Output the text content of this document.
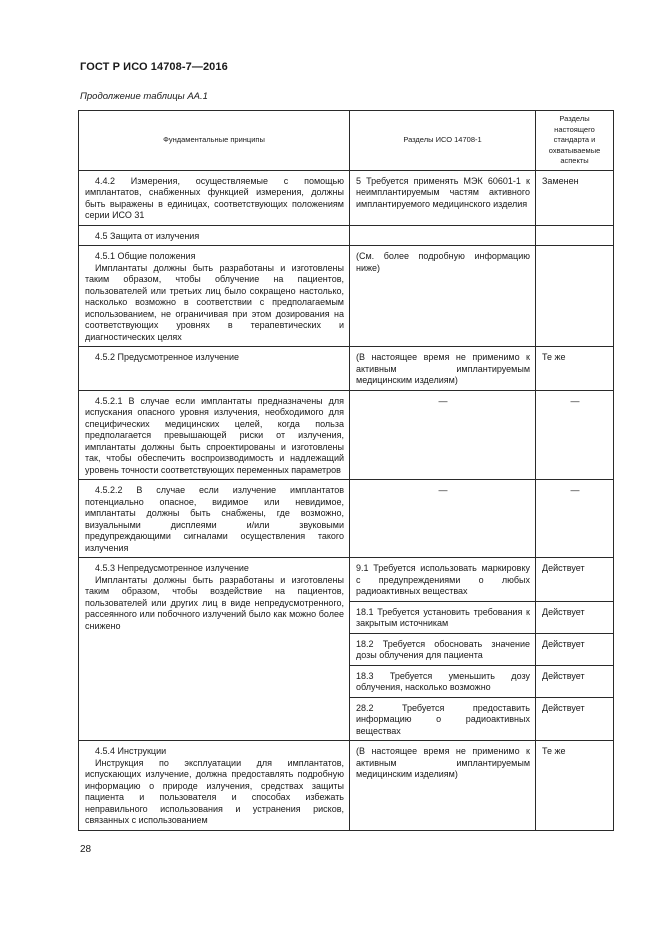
ГОСТ Р ИСО 14708-7—2016
Продолжение таблицы АА.1
Фундаментальные принципы	Разделы ИСО 14708-1	Разделы настоящего стандарта и охватываемые аспекты
4.4.2 Измерения, осуществляемые с помощью имплантатов, снабженных функцией измерения, должны быть выражены в единицах, соответствующих положениям серии ИСО 31	5 Требуется применять МЭК 60601-1 к неимплантируемым частям активного имплантируемого медицинского изделия	Заменен
4.5 Защита от излучения		

4.5.1 Общие положения
Имплантаты должны быть разработаны и изготовлены таким образом, чтобы облучение на пациентов, пользователей или третьих лиц было сокращено настолько, насколько возможно в соответствии с предполагаемым использованием, не ограничивая при этом дозирования на соответствующих уровнях в терапевтических и диагностических целях	(См. более подробную информацию ниже)	
4.5.2 Предусмотренное излучение	(В настоящее время не применимо к активным имплантируемым медицинским изделиям)	Те же
4.5.2.1 В случае если имплантаты предназначены для испускания опасного уровня излучения, необходимого для специфических медицинских целей, когда польза предполагается превышающей риски от излучения, имплантаты должны быть спроектированы и изготовлены так, чтобы обеспечить воспроизводимость и надлежащий уровень точности соответствующих переменных параметров	—	—
4.5.2.2 В случае если излучение имплантатов потенциально опасное, видимое или невидимое, имплантаты должны быть снабжены, где возможно, визуальными дисплеями и/или звуковыми предупреждающими сигналами осуществления такого излучения	—	—

4.5.3 Непредусмотренное излучение
Имплантаты должны быть разработаны и изготовлены таким образом, чтобы воздействие на пациентов, пользователей или других лиц в виде непредусмотренного, рассеянного или побочного излучений было как можно более снижено	9.1 Требуется использовать маркировку с предупреждениями о любых радиоактивных веществах	Действует
	18.1 Требуется установить требования к закрытым источникам	Действует
	18.2 Требуется обосновать значение дозы облучения для пациента	Действует
	18.3 Требуется уменьшить дозу облучения, насколько возможно	Действует
	28.2 Требуется предоставить информацию о радиоактивных веществах	Действует

4.5.4 Инструкции
Инструкция по эксплуатации для имплантатов, испускающих излучение, должна предоставлять подробную информацию о природе излучения, средствах защиты пациента и пользователя и способах избежать неправильного использования и устранения рисков, связанных с использованием	(В настоящее время не применимо к активным имплантируемым медицинским изделиям)	Те же
28
